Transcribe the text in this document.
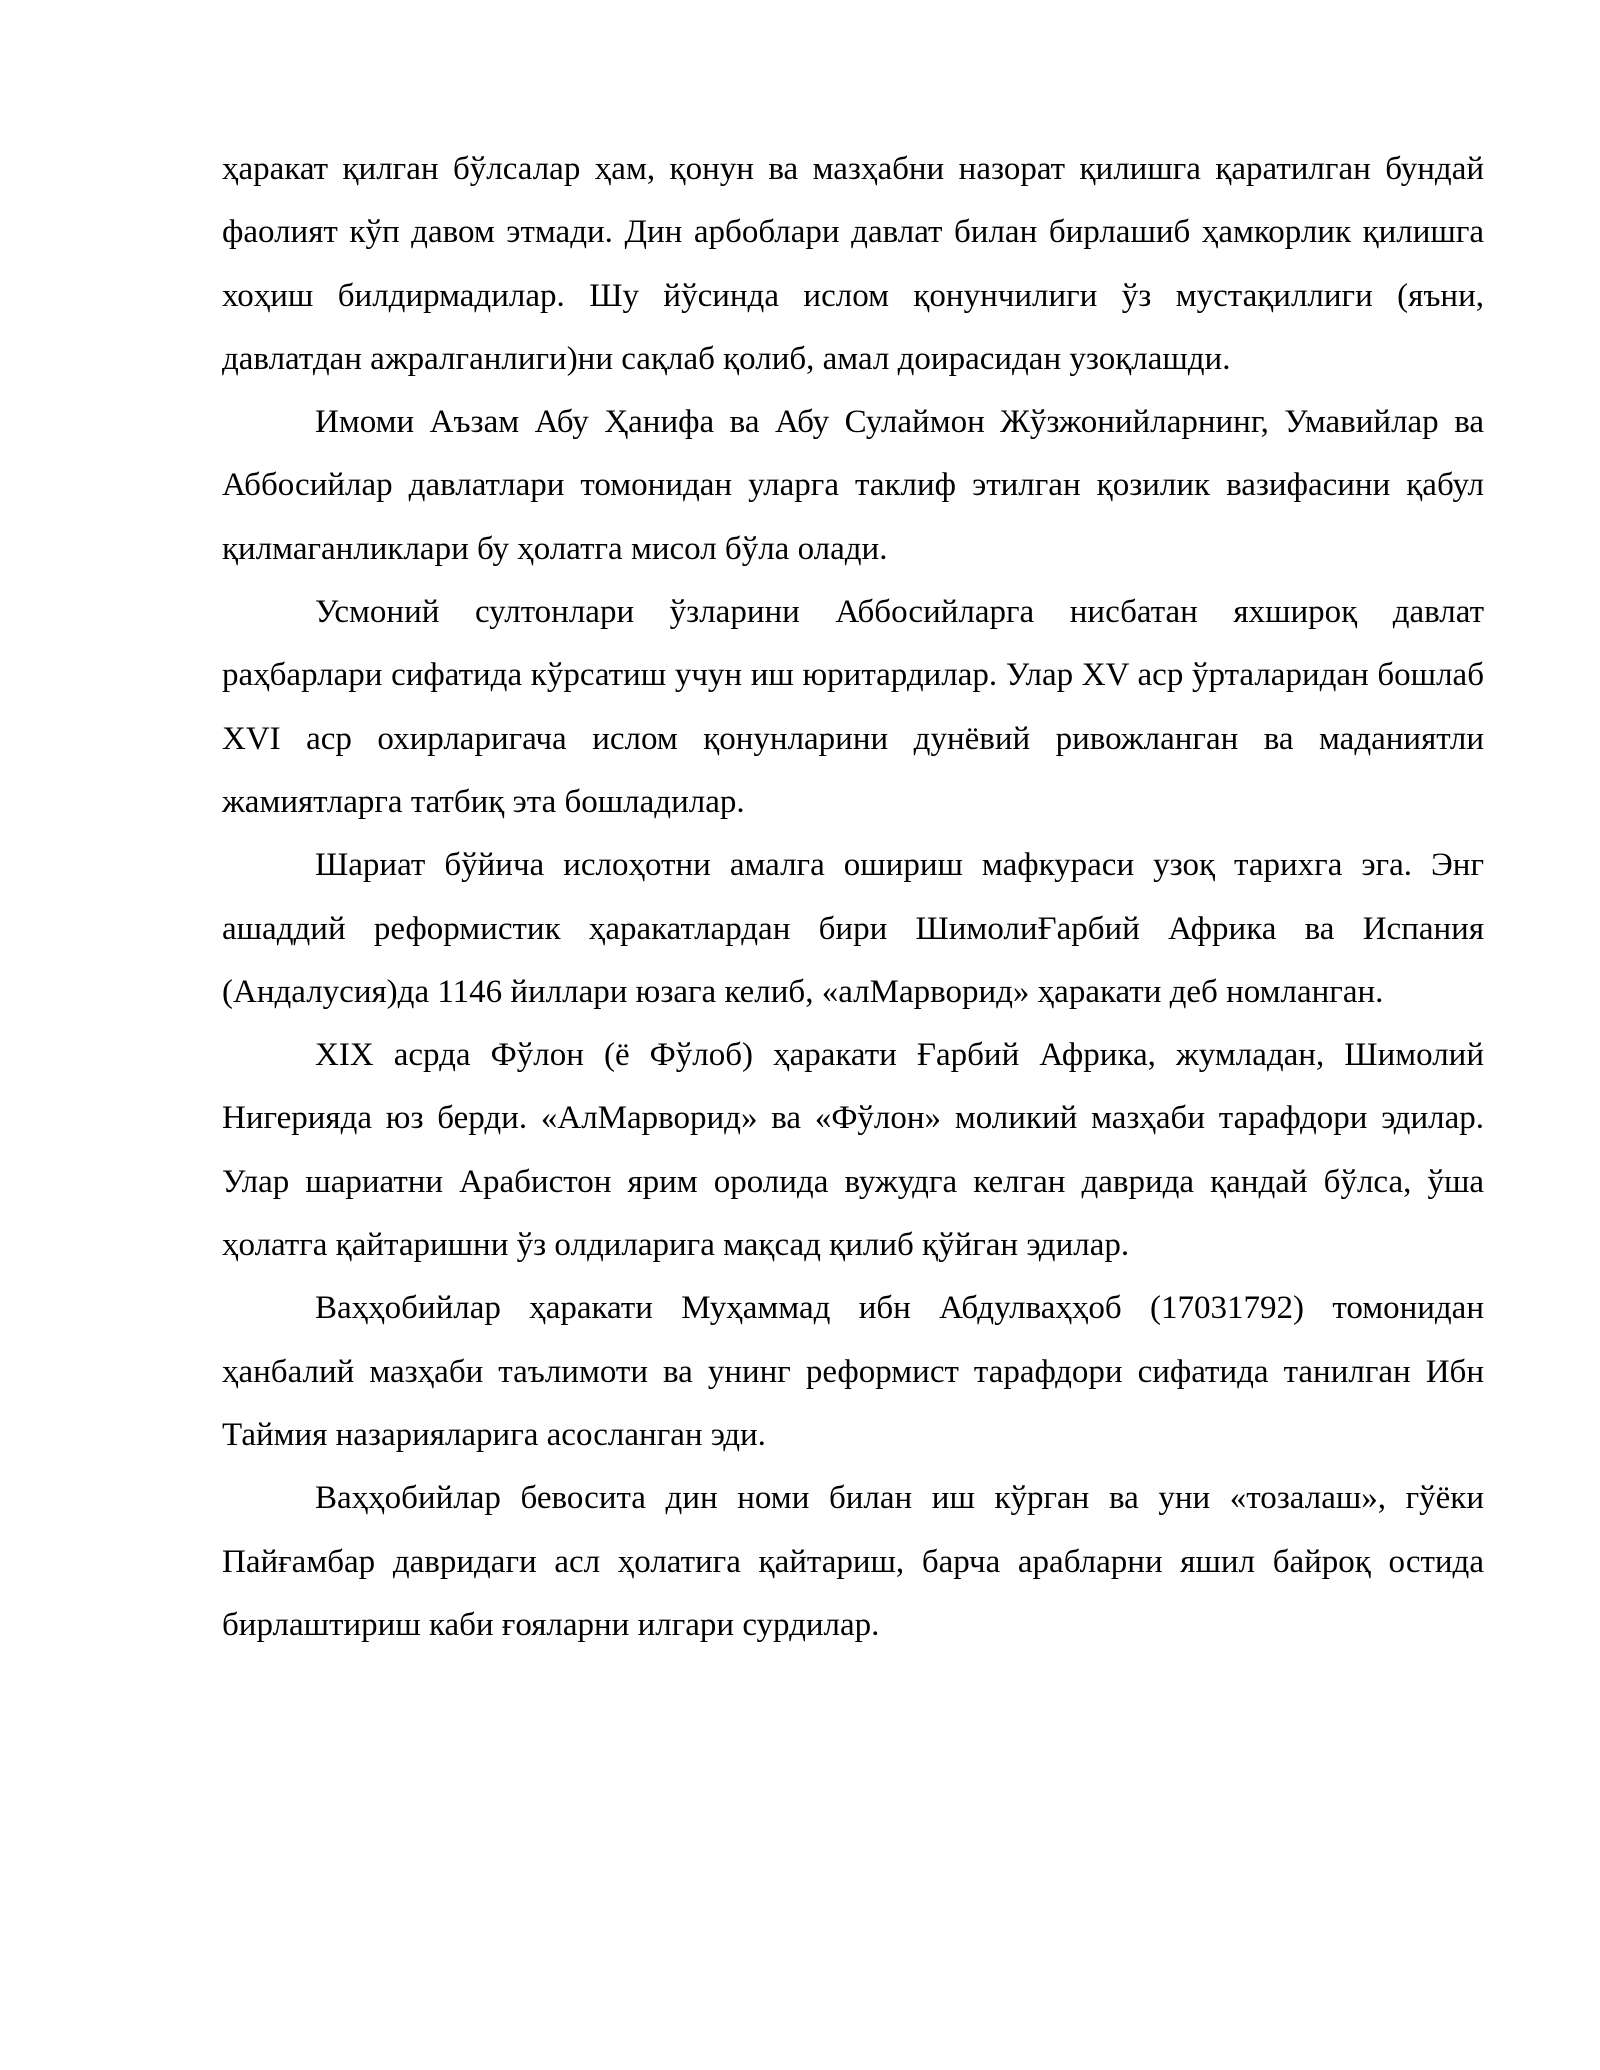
ҳаракат қилган бўлсалар ҳам, қонун ва мазҳабни назорат қилишга қаратилган бундай фаолият кўп давом этмади. Дин арбоблари давлат билан бирлашиб ҳамкорлик қилишга хоҳиш билдирмадилар. Шу йўсинда ислом қонунчилиги ўз мустақиллиги (яъни, давлатдан ажралганлиги)ни сақлаб қолиб, амал доирасидан узоқлашди.

Имоми Аъзам Абу Ҳанифа ва Абу Сулаймон Жўзжонийларнинг, Умавийлар ва Аббосийлар давлатлари томонидан уларга таклиф этилган қозилик вазифасини қабул қилмаганликлари бу ҳолатга мисол бўла олади.

Усмоний султонлари ўзларини Аббосийларга нисбатан яхшироқ давлат раҳбарлари сифатида кўрсатиш учун иш юритардилар. Улар XV аср ўрталаридан бошлаб XVI аср охирларигача ислом қонунларини дунёвий ривожланган ва маданиятли жамиятларга татбиқ эта бошладилар.

Шариат бўйича ислоҳотни амалга ошириш мафкураси узоқ тарихга эга. Энг ашаддий реформистик ҳаракатлардан бири ШимолиҒарбий Африка ва Испания (Андалусия)да 1146 йиллари юзага келиб, «алМарворид» ҳаракати деб номланган.

XIX асрда Фўлон (ё Фўлоб) ҳаракати Ғарбий Африка, жумладан, Шимолий Нигерияда юз берди. «АлМарворид» ва «Фўлон» моликий мазҳаби тарафдори эдилар. Улар шариатни Арабистон ярим оролида вужудга келган даврида қандай бўлса, ўша ҳолатга қайтаришни ўз олдиларига мақсад қилиб қўйган эдилар.

Ваҳҳобийлар ҳаракати Муҳаммад ибн Абдулваҳҳоб (17031792) томонидан ҳанбалий мазҳаби таълимоти ва унинг реформист тарафдори сифатида танилган Ибн Таймия назарияларига асосланган эди.

Ваҳҳобийлар бевосита дин номи билан иш кўрган ва уни «тозалаш», гўёки Пайғамбар давридаги асл ҳолатига қайтариш, барча арабларни яшил байроқ остида бирлаштириш каби ғояларни илгари сурдилар.
